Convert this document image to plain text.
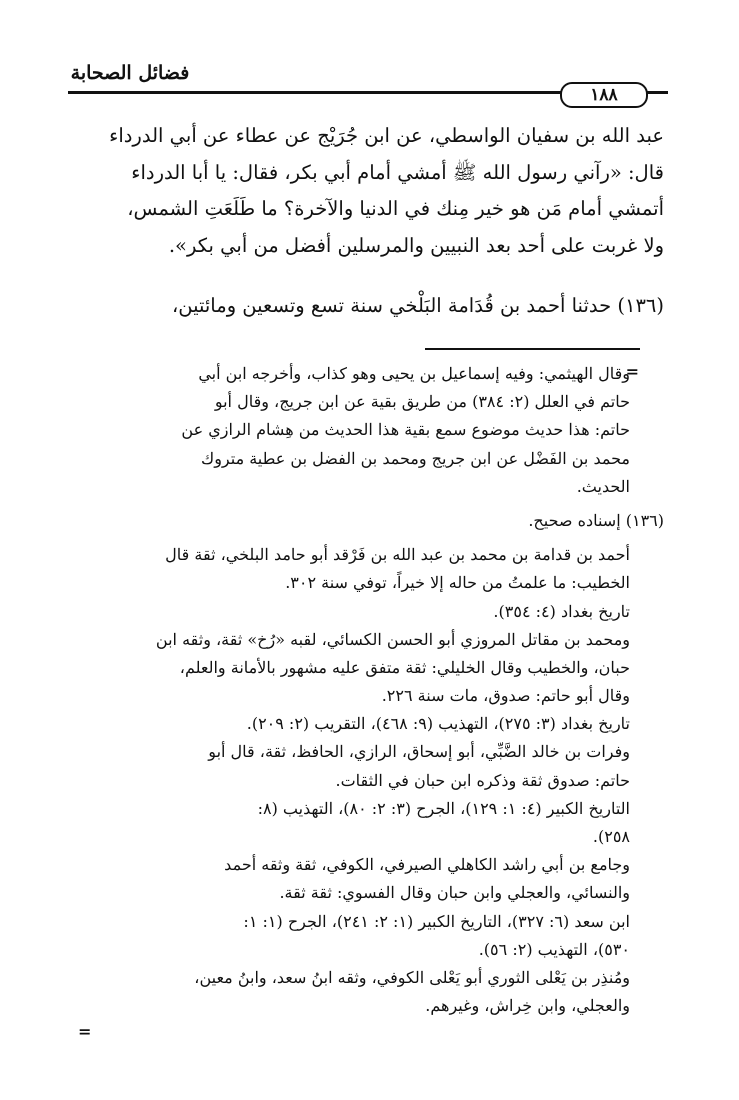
فضائل الصحابة
١٨٨
عبد الله بن سفيان الواسطي، عن ابن جُرَيْج عن عطاء عن أبي الدرداء
قال: «رآني رسول الله ﷺ أمشي أمام أبي بكر، فقال: يا أبا الدرداء
أتمشي أمام مَن هو خير مِنك في الدنيا والآخرة؟ ما طَلَعَتِ الشمس،
ولا غربت على أحد بعد النبيين والمرسلين أفضل من أبي بكر».
(١٣٦) حدثنا أحمد بن قُدَامة البَلْخي سنة تسع وتسعين ومائتين،
=
وقال الهيثمي: وفيه إسماعيل بن يحيى وهو كذاب، وأخرجه ابن أبي
حاتم في العلل (٢: ٣٨٤) من طريق بقية عن ابن جريج، وقال أبو
حاتم: هذا حديث موضوع سمع بقية هذا الحديث من هِشام الرازي عن
محمد بن الفَضْل عن ابن جريج ومحمد بن الفضل بن عطية متروك
الحديث.
(١٣٦) إسناده صحيح.
أحمد بن قدامة بن محمد بن عبد الله بن فَرْقد أبو حامد البلخي، ثقة قال
الخطيب: ما علمتُ من حاله إلا خيراً، توفي سنة ٣٠٢.
تاريخ بغداد (٤: ٣٥٤).
ومحمد بن مقاتل المروزي أبو الحسن الكسائي، لقبه «رُخ» ثقة، وثقه ابن
حبان، والخطيب وقال الخليلي: ثقة متفق عليه مشهور بالأمانة والعلم،
وقال أبو حاتم: صدوق، مات سنة ٢٢٦.
تاريخ بغداد (٣: ٢٧٥)، التهذيب (٩: ٤٦٨)، التقريب (٢: ٢٠٩).
وفرات بن خالد الضَّبِّي، أبو إسحاق، الرازي، الحافظ، ثقة، قال أبو
حاتم: صدوق ثقة وذكره ابن حبان في الثقات.
التاريخ الكبير (٤: ١: ١٢٩)، الجرح (٣: ٢: ٨٠)، التهذيب (٨:
٢٥٨).
وجامع بن أبي راشد الكاهلي الصيرفي، الكوفي، ثقة وثقه أحمد
والنسائي، والعجلي وابن حبان وقال الفسوي: ثقة ثقة.
ابن سعد (٦: ٣٢٧)، التاريخ الكبير (١: ٢: ٢٤١)، الجرح (١: ١:
٥٣٠)، التهذيب (٢: ٥٦).
ومُنذِر بن يَعْلى الثوري أبو يَعْلى الكوفي، وثقه ابنُ سعد، وابنُ معين،
والعجلي، وابن خِراش، وغيرهم.
=
